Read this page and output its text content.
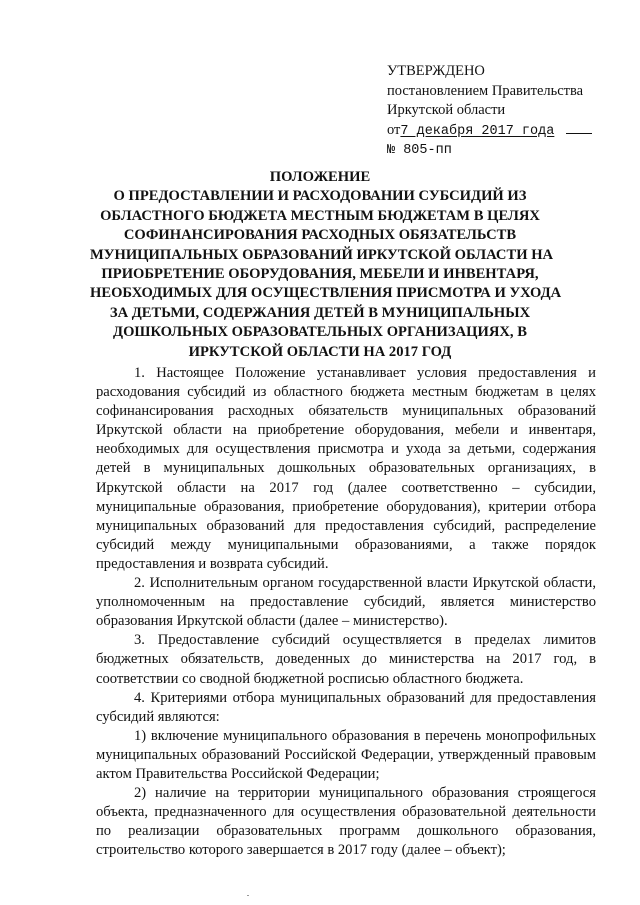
УТВЕРЖДЕНО
постановлением Правительства
Иркутской области
от7 декабря 2017 года
№ 805-пп
ПОЛОЖЕНИЕ
О ПРЕДОСТАВЛЕНИИ И РАСХОДОВАНИИ СУБСИДИЙ ИЗ
ОБЛАСТНОГО БЮДЖЕТА МЕСТНЫМ БЮДЖЕТАМ В ЦЕЛЯХ
СОФИНАНСИРОВАНИЯ РАСХОДНЫХ ОБЯЗАТЕЛЬСТВ
МУНИЦИПАЛЬНЫХ ОБРАЗОВАНИЙ ИРКУТСКОЙ ОБЛАСТИ НА
ПРИОБРЕТЕНИЕ ОБОРУДОВАНИЯ, МЕБЕЛИ И ИНВЕНТАРЯ,
НЕОБХОДИМЫХ ДЛЯ ОСУЩЕСТВЛЕНИЯ ПРИСМОТРА И УХОДА
ЗА ДЕТЬМИ, СОДЕРЖАНИЯ ДЕТЕЙ В МУНИЦИПАЛЬНЫХ
ДОШКОЛЬНЫХ ОБРАЗОВАТЕЛЬНЫХ ОРГАНИЗАЦИЯХ, В
ИРКУТСКОЙ ОБЛАСТИ НА 2017 ГОД

1. Настоящее Положение устанавливает условия предоставления и расходования субсидий из областного бюджета местным бюджетам в целях софинансирования расходных обязательств муниципальных образований Иркутской области на приобретение оборудования, мебели и инвентаря, необходимых для осуществления присмотра и ухода за детьми, содержания детей в муниципальных дошкольных образовательных организациях, в Иркутской области на 2017 год (далее соответственно – субсидии, муниципальные образования, приобретение оборудования), критерии отбора муниципальных образований для предоставления субсидий, распределение субсидий между муниципальными образованиями, а также порядок предоставления и возврата субсидий.

2. Исполнительным органом государственной власти Иркутской области, уполномоченным на предоставление субсидий, является министерство образования Иркутской области (далее – министерство).

3. Предоставление субсидий осуществляется в пределах лимитов бюджетных обязательств, доведенных до министерства на 2017 год, в соответствии со сводной бюджетной росписью областного бюджета.

4. Критериями отбора муниципальных образований для предоставления субсидий являются:

1) включение муниципального образования в перечень монопрофильных муниципальных образований Российской Федерации, утвержденный правовым актом Правительства Российской Федерации;

2) наличие на территории муниципального образования строящегося объекта, предназначенного для осуществления образовательной деятельности по реализации образовательных программ дошкольного образования, строительство которого завершается в 2017 году (далее – объект);
